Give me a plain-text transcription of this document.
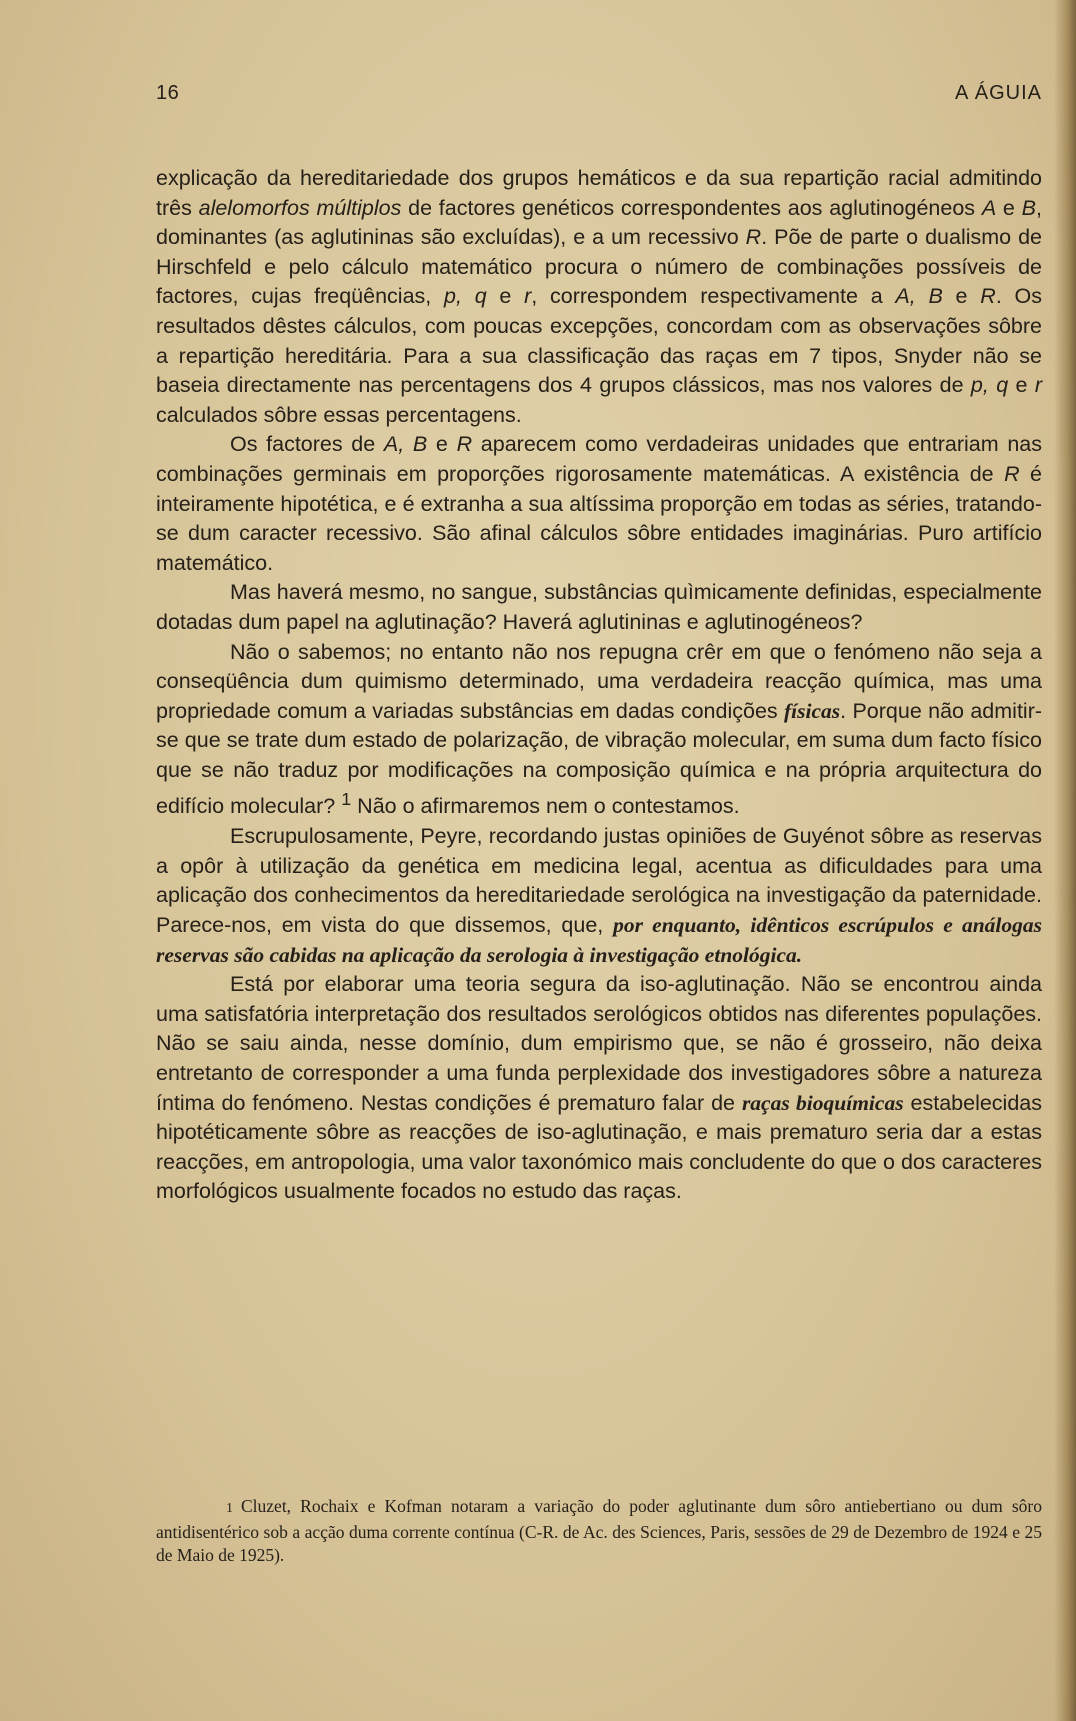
16	A ÁGUIA

explicação da hereditariedade dos grupos hemáticos e da sua repartição racial admitindo três alelomorfos múltiplos de factores genéticos correspondentes aos aglutinogéneos A e B, dominantes (as aglutininas são excluídas), e a um recessivo R. Põe de parte o dualismo de Hirschfeld e pelo cálculo matemático procura o número de combinações possíveis de factores, cujas freqüências, p, q e r, correspondem respectivamente a A, B e R. Os resultados dêstes cálculos, com poucas excepções, concordam com as observações sôbre a repartição hereditária. Para a sua classificação das raças em 7 tipos, Snyder não se baseia directamente nas percentagens dos 4 grupos clássicos, mas nos valores de p, q e r calculados sôbre essas percentagens.

Os factores de A, B e R aparecem como verdadeiras unidades que entrariam nas combinações germinais em proporções rigorosamente matemáticas. A existência de R é inteiramente hipotética, e é extranha a sua altíssima proporção em todas as séries, tratando-se dum caracter recessivo. São afinal cálculos sôbre entidades imaginárias. Puro artifício matemático.

Mas haverá mesmo, no sangue, substâncias quìmicamente definidas, especialmente dotadas dum papel na aglutinação? Haverá aglutininas e aglutinogéneos?

Não o sabemos; no entanto não nos repugna crêr em que o fenómeno não seja a conseqüência dum quimismo determinado, uma verdadeira reacção química, mas uma propriedade comum a variadas substâncias em dadas condições físicas. Porque não admitir-se que se trate dum estado de polarização, de vibração molecular, em suma dum facto físico que se não traduz por modificações na composição química e na própria arquitectura do edifício molecular? $^1$ Não o afirmaremos nem o contestamos.

Escrupulosamente, Peyre, recordando justas opiniões de Guyénot sôbre as reservas a opôr à utilização da genética em medicina legal, acentua as dificuldades para uma aplicação dos conhecimentos da hereditariedade serológica na investigação da paternidade. Parece-nos, em vista do que dissemos, que, por enquanto, idênticos escrúpulos e análogas reservas são cabidas na aplicação da serologia à investigação etnológica.

Está por elaborar uma teoria segura da iso-aglutinação. Não se encontrou ainda uma satisfatória interpretação dos resultados serológicos obtidos nas diferentes populações. Não se saiu ainda, nesse domínio, dum empirismo que, se não é grosseiro, não deixa entretanto de corresponder a uma funda perplexidade dos investigadores sôbre a natureza íntima do fenómeno. Nestas condições é prematuro falar de raças bioquímicas estabelecidas hipotéticamente sôbre as reacções de iso-aglutinação, e mais prematuro seria dar a estas reacções, em antropologia, uma valor taxonómico mais concludente do que o dos caracteres morfológicos usualmente focados no estudo das raças.

1 Cluzet, Rochaix e Kofman notaram a variação do poder aglutinante dum sôro antiebertiano ou dum sôro antidisentérico sob a acção duma corrente contínua (C-R. de Ac. des Sciences, Paris, sessões de 29 de Dezembro de 1924 e 25 de Maio de 1925).
